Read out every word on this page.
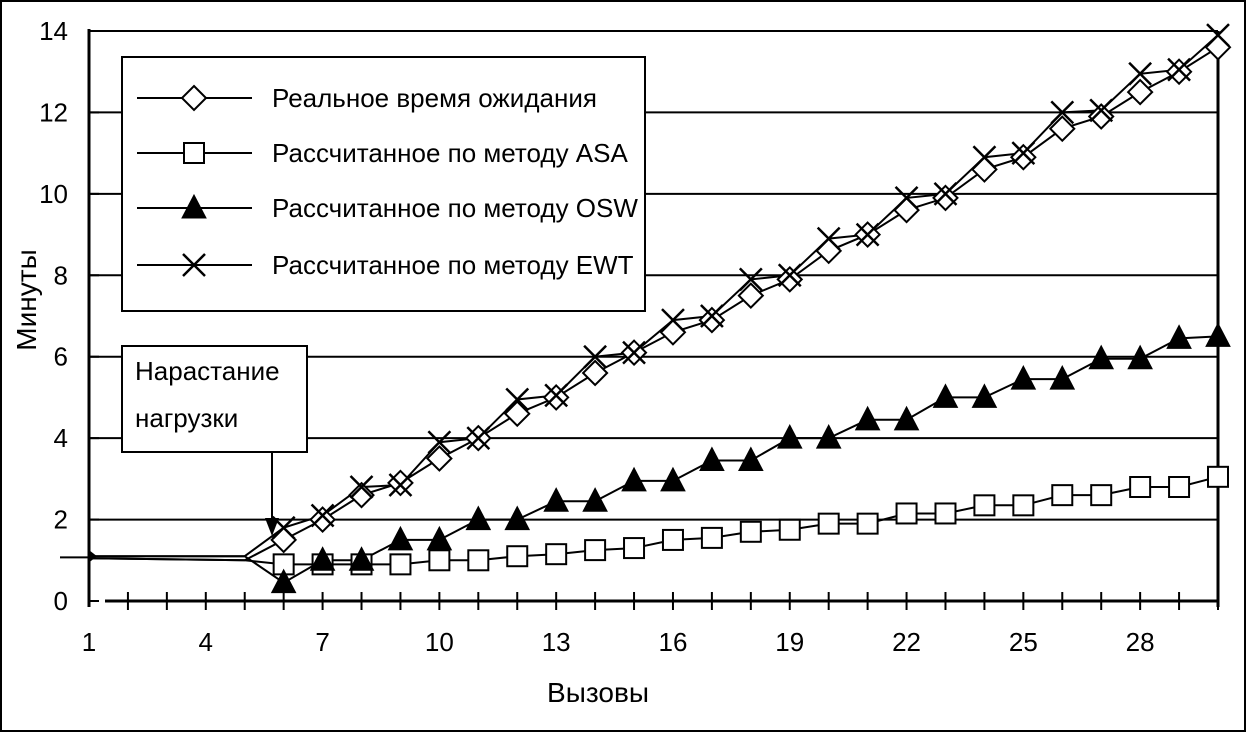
0
2
4
6
8
10
12
14
1	4	7	10	13	16	19	22	25	28
Реальное время ожидания
Рассчитанное по методу ASA
Рассчитанное по методу OSW
Рассчитанное по методу EWT
Нарастание
нагрузки
Вызовы
Минуты
